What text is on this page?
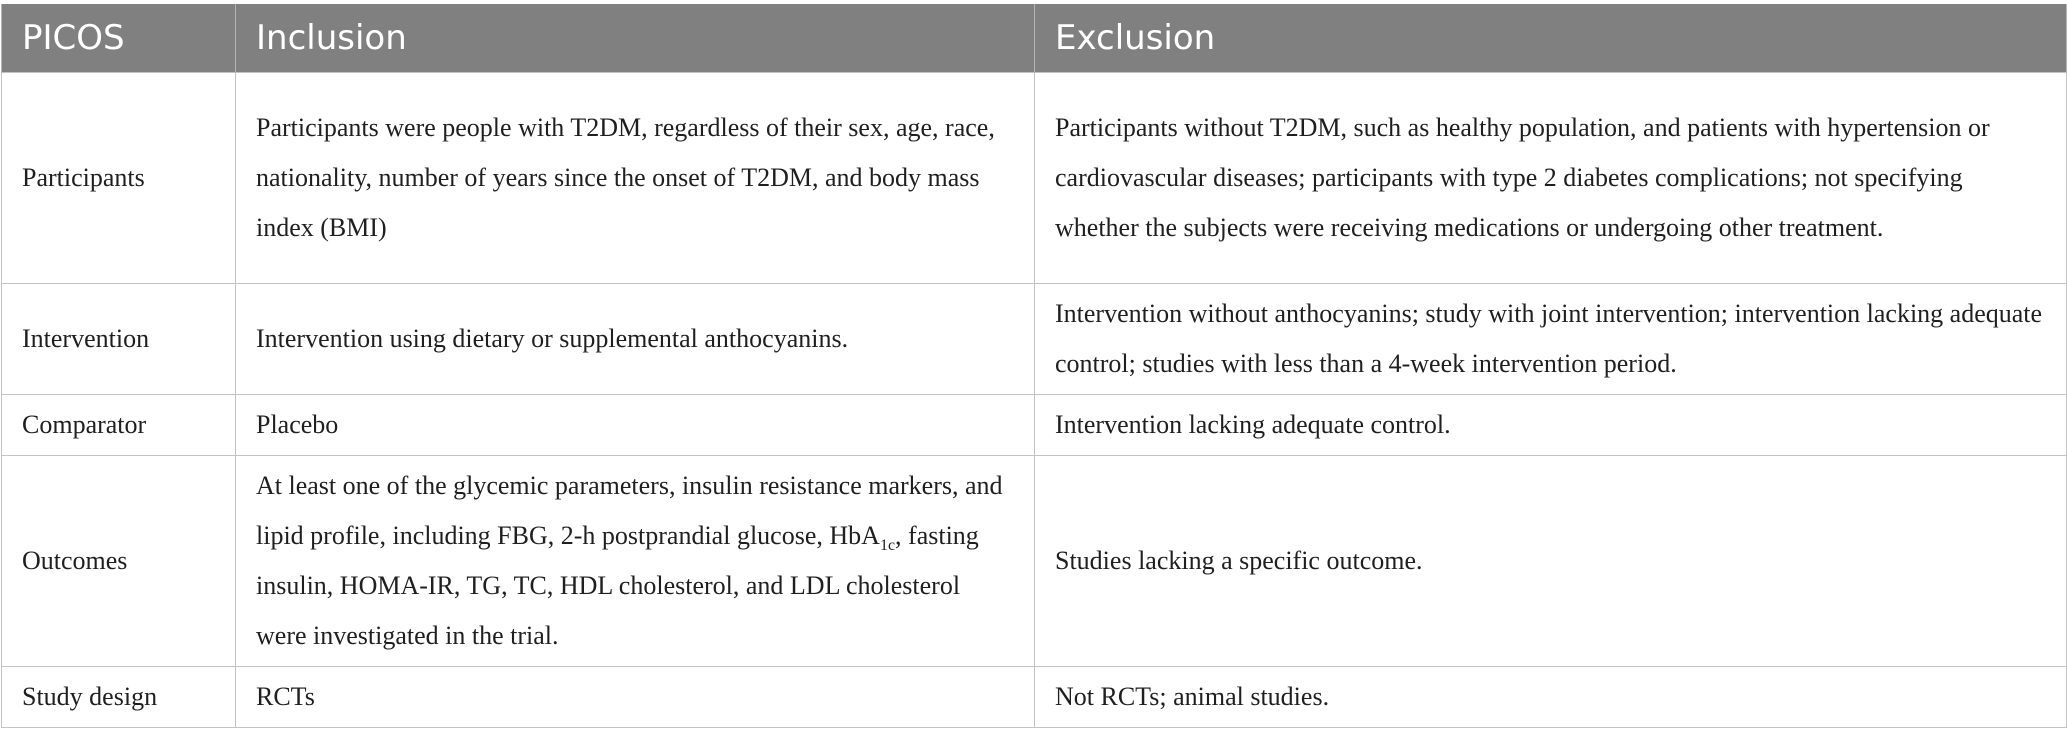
PICOS	Inclusion	Exclusion
Participants	Participants were people with T2DM, regardless of their sex, age, race, nationality, number of years since the onset of T2DM, and body mass index (BMI)	Participants without T2DM, such as healthy population, and patients with hypertension or cardiovascular diseases; participants with type 2 diabetes complications; not specifying whether the subjects were receiving medications or undergoing other treatment.
Intervention	Intervention using dietary or supplemental anthocyanins.	Intervention without anthocyanins; study with joint intervention; intervention lacking adequate control; studies with less than a 4-week intervention period.
Comparator	Placebo	Intervention lacking adequate control.
Outcomes	At least one of the glycemic parameters, insulin resistance markers, and lipid profile, including FBG, 2-h postprandial glucose, HbA$_{1c}$, fasting insulin, HOMA-IR, TG, TC, HDL cholesterol, and LDL cholesterol were investigated in the trial.	Studies lacking a specific outcome.
Study design	RCTs	Not RCTs; animal studies.
